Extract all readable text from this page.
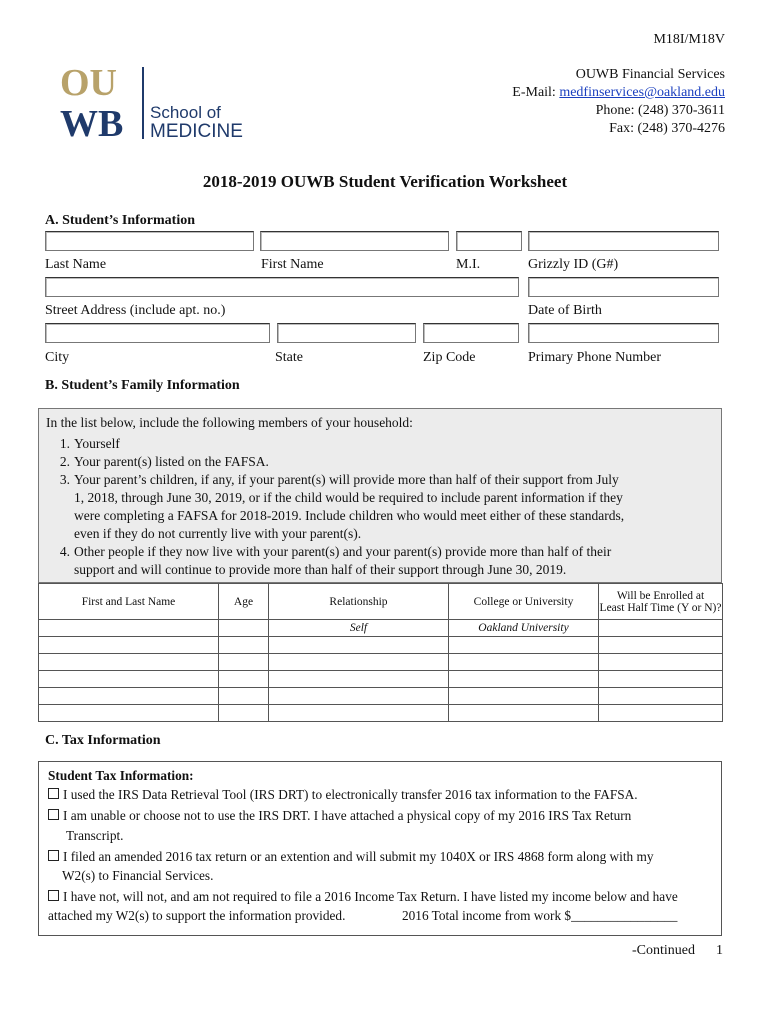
M18I/M18V
OU
WB School of
MEDICINE
OUWB Financial Services
E-Mail: medfinservices@oakland.edu
Phone: (248) 370-3611
Fax: (248) 370-4276
2018-2019 OUWB Student Verification Worksheet
A. Student’s Information
Last Name	First Name	M.I.	Grizzly ID (G#)
Street Address (include apt. no.)	Date of Birth
City	State	Zip Code	Primary Phone Number
B. Student’s Family Information
In the list below, include the following members of your household:
1. Yourself
2. Your parent(s) listed on the FAFSA.
3. Your parent’s children, if any, if your parent(s) will provide more than half of their support from July
1, 2018, through June 30, 2019, or if the child would be required to include parent information if they
were completing a FAFSA for 2018-2019. Include children who would meet either of these standards,
even if they do not currently live with your parent(s).
4. Other people if they now live with your parent(s) and your parent(s) provide more than half of their
support and will continue to provide more than half of their support through June 30, 2019.
First and Last Name	Age	Relationship	College or University	Will be Enrolled at
Least Half Time (Y or N)?

		Self	Oakland University	

C. Tax Information
Student Tax Information:
I used the IRS Data Retrieval Tool (IRS DRT) to electronically transfer 2016 tax information to the FAFSA.
I am unable or choose not to use the IRS DRT. I have attached a physical copy of my 2016 IRS Tax Return
Transcript.
I filed an amended 2016 tax return or an extention and will submit my 1040X or IRS 4868 form along with my
W2(s) to Financial Services.
I have not, will not, and am not required to file a 2016 Income Tax Return. I have listed my income below and have
attached my W2(s) to support the information provided.	2016 Total income from work $________________
-Continued 1
